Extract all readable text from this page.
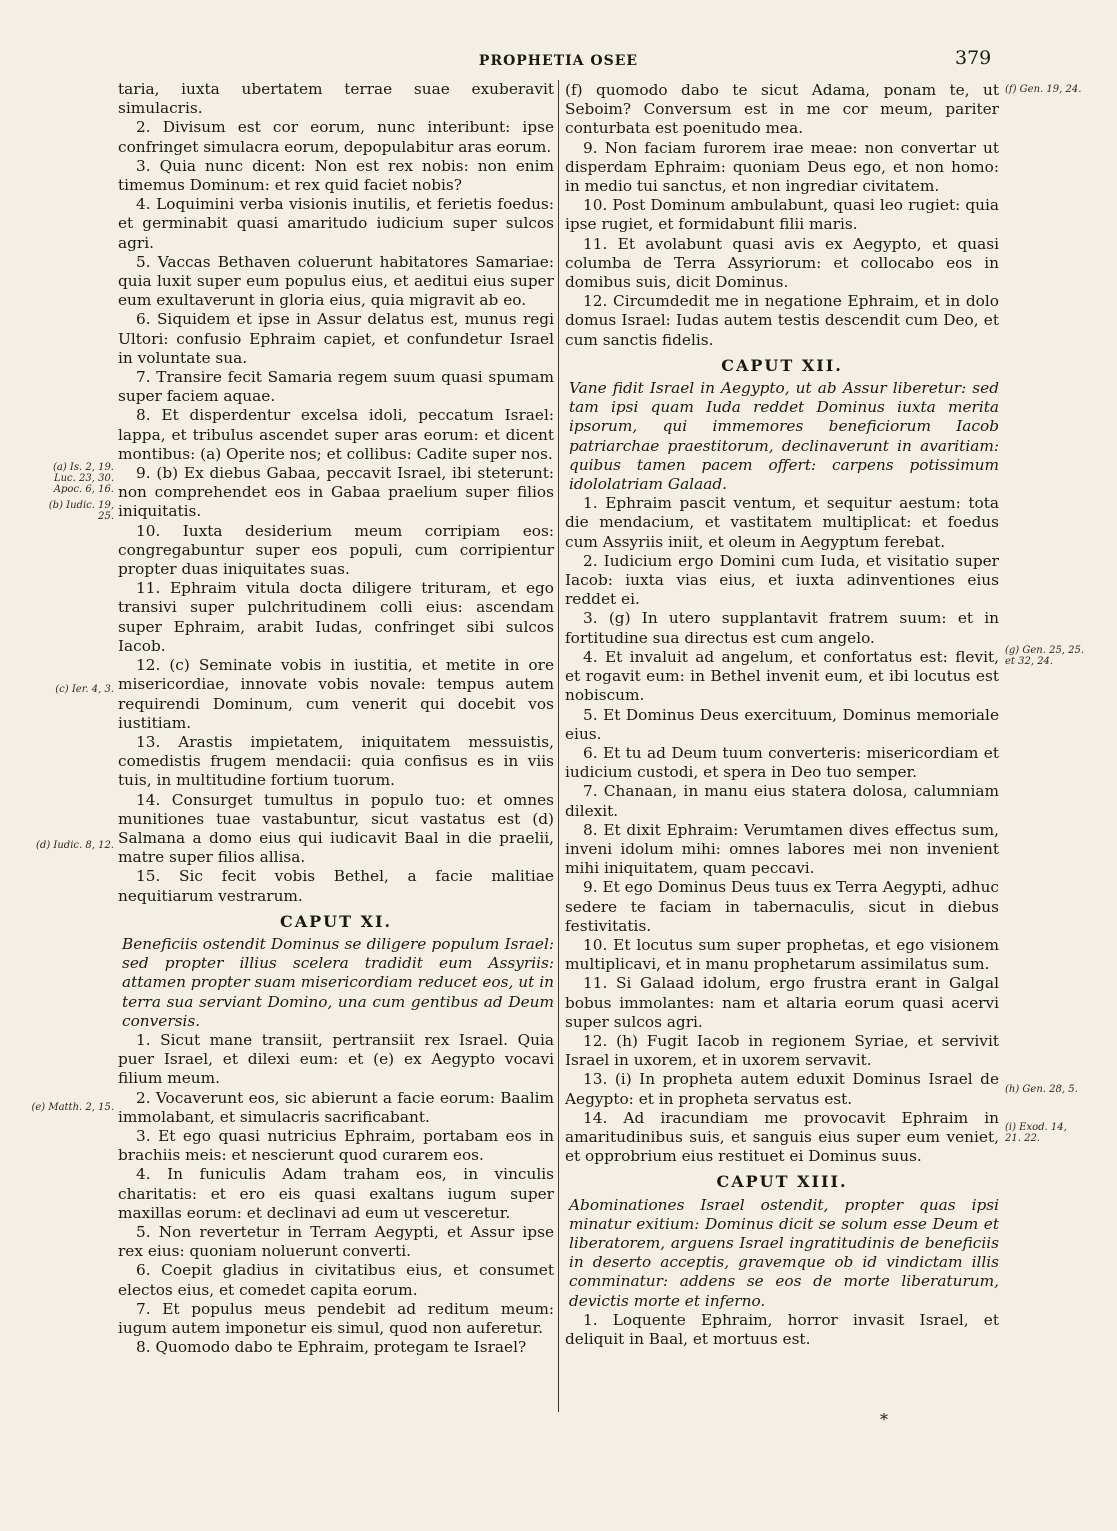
PROPHETIA OSEE	379

taria, iuxta ubertatem terrae suae exuberavit simulacris.

2. Divisum est cor eorum, nunc interibunt: ipse confringet simulacra eorum, depopulabitur aras eorum.

3. Quia nunc dicent: Non est rex nobis: non enim timemus Dominum: et rex quid faciet nobis?

4. Loquimini verba visionis inutilis, et ferietis foedus: et germinabit quasi amaritudo iudicium super sulcos agri.

5. Vaccas Bethaven coluerunt habitatores Samariae: quia luxit super eum populus eius, et aeditui eius super eum exultaverunt in gloria eius, quia migravit ab eo.

6. Siquidem et ipse in Assur delatus est, munus regi Ultori: confusio Ephraim capiet, et confundetur Israel in voluntate sua.

7. Transire fecit Samaria regem suum quasi spumam super faciem aquae.

8. Et disperdentur excelsa idoli, peccatum Israel: lappa, et tribulus ascendet super aras eorum: et dicent montibus: (a) Operite nos; et collibus: Cadite super nos.

9. (b) Ex diebus Gabaa, peccavit Israel, ibi steterunt: non comprehendet eos in Gabaa praelium super filios iniquitatis.

10. Iuxta desiderium meum corripiam eos: congregabuntur super eos populi, cum corripientur propter duas iniquitates suas.

11. Ephraim vitula docta diligere trituram, et ego transivi super pulchritudinem colli eius: ascendam super Ephraim, arabit Iudas, confringet sibi sulcos Iacob.

12. (c) Seminate vobis in iustitia, et metite in ore misericordiae, innovate vobis novale: tempus autem requirendi Dominum, cum venerit qui docebit vos iustitiam.

13. Arastis impietatem, iniquitatem messuistis, comedistis frugem mendacii: quia confisus es in viis tuis, in multitudine fortium tuorum.

14. Consurget tumultus in populo tuo: et omnes munitiones tuae vastabuntur, sicut vastatus est (d) Salmana a domo eius qui iudicavit Baal in die praelii, matre super filios allisa.

15. Sic fecit vobis Bethel, a facie malitiae nequitiarum vestrarum.

CAPUT XI.

Beneficiis ostendit Dominus se diligere populum Israel: sed propter illius scelera tradidit eum Assyriis: attamen propter suam misericordiam reducet eos, ut in terra sua serviant Domino, una cum gentibus ad Deum conversis.

1. Sicut mane transiit, pertransiit rex Israel. Quia puer Israel, et dilexi eum: et (e) ex Aegypto vocavi filium meum.

2. Vocaverunt eos, sic abierunt a facie eorum: Baalim immolabant, et simulacris sacrificabant.

3. Et ego quasi nutricius Ephraim, portabam eos in brachiis meis: et nescierunt quod curarem eos.

4. In funiculis Adam traham eos, in vinculis charitatis: et ero eis quasi exaltans iugum super maxillas eorum: et declinavi ad eum ut vesceretur.

5. Non revertetur in Terram Aegypti, et Assur ipse rex eius: quoniam noluerunt converti.

6. Coepit gladius in civitatibus eius, et consumet electos eius, et comedet capita eorum.

7. Et populus meus pendebit ad reditum meum: iugum autem imponetur eis simul, quod non auferetur.

8. Quomodo dabo te Ephraim, protegam te Israel?

(f) quomodo dabo te sicut Adama, ponam te, ut Seboim? Conversum est in me cor meum, pariter conturbata est poenitudo mea.

9. Non faciam furorem irae meae: non convertar ut disperdam Ephraim: quoniam Deus ego, et non homo: in medio tui sanctus, et non ingrediar civitatem.

10. Post Dominum ambulabunt, quasi leo rugiet: quia ipse rugiet, et formidabunt filii maris.

11. Et avolabunt quasi avis ex Aegypto, et quasi columba de Terra Assyriorum: et collocabo eos in domibus suis, dicit Dominus.

12. Circumdedit me in negatione Ephraim, et in dolo domus Israel: Iudas autem testis descendit cum Deo, et cum sanctis fidelis.

CAPUT XII.

Vane fidit Israel in Aegypto, ut ab Assur liberetur: sed tam ipsi quam Iuda reddet Dominus iuxta merita ipsorum, qui immemores beneficiorum Iacob patriarchae praestitorum, declinaverunt in avaritiam: quibus tamen pacem offert: carpens potissimum idololatriam Galaad.

1. Ephraim pascit ventum, et sequitur aestum: tota die mendacium, et vastitatem multiplicat: et foedus cum Assyriis iniit, et oleum in Aegyptum ferebat.

2. Iudicium ergo Domini cum Iuda, et visitatio super Iacob: iuxta vias eius, et iuxta adinventiones eius reddet ei.

3. (g) In utero supplantavit fratrem suum: et in fortitudine sua directus est cum angelo.

4. Et invaluit ad angelum, et confortatus est: flevit, et rogavit eum: in Bethel invenit eum, et ibi locutus est nobiscum.

5. Et Dominus Deus exercituum, Dominus memoriale eius.

6. Et tu ad Deum tuum converteris: misericordiam et iudicium custodi, et spera in Deo tuo semper.

7. Chanaan, in manu eius statera dolosa, calumniam dilexit.

8. Et dixit Ephraim: Verumtamen dives effectus sum, inveni idolum mihi: omnes labores mei non invenient mihi iniquitatem, quam peccavi.

9. Et ego Dominus Deus tuus ex Terra Aegypti, adhuc sedere te faciam in tabernaculis, sicut in diebus festivitatis.

10. Et locutus sum super prophetas, et ego visionem multiplicavi, et in manu prophetarum assimilatus sum.

11. Si Galaad idolum, ergo frustra erant in Galgal bobus immolantes: nam et altaria eorum quasi acervi super sulcos agri.

12. (h) Fugit Iacob in regionem Syriae, et servivit Israel in uxorem, et in uxorem servavit.

13. (i) In propheta autem eduxit Dominus Israel de Aegypto: et in propheta servatus est.

14. Ad iracundiam me provocavit Ephraim in amaritudinibus suis, et sanguis eius super eum veniet, et opprobrium eius restituet ei Dominus suus.

CAPUT XIII.

Abominationes Israel ostendit, propter quas ipsi minatur exitium: Dominus dicit se solum esse Deum et liberatorem, arguens Israel ingratitudinis de beneficiis in deserto acceptis, gravemque ob id vindictam illis comminatur: addens se eos de morte liberaturum, devictis morte et inferno.

1. Loquente Ephraim, horror invasit Israel, et deliquit in Baal, et mortuus est.

(a) Is. 2, 19. Luc. 23, 30. Apoc. 6, 16.
(b) Iudic. 19, 25.
(c) Ier. 4, 3.
(d) Iudic. 8, 12.
(e) Matth. 2, 15.
(f) Gen. 19, 24.
(g) Gen. 25, 25. et 32, 24.
(h) Gen. 28, 5.
(i) Exod. 14, 21. 22.
*
